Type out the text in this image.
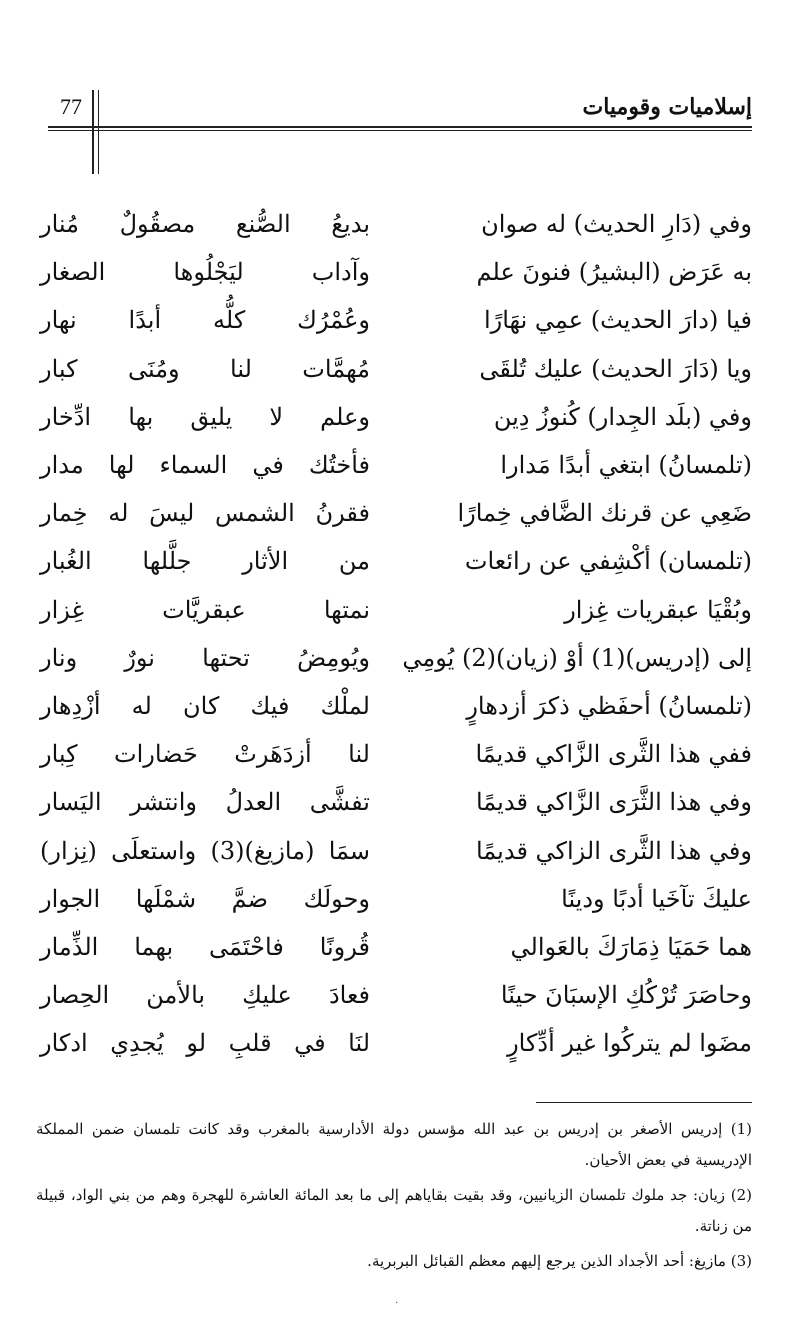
77	إسلاميات وقوميات
وفي (دَارِ الحديث) له صوان
بديعُ الصُّنع مصقُولٌ مُنار
به عَرَض (البشيرُ) فنونَ علم
وآداب ليَجْلُوها الصغار
فيا (دارَ الحديث) عمِي نهَارًا
وعُمْرُك كلُّه أبدًا نهار
ويا (دَارَ الحديث) عليك تُلقَى
مُهمَّات لنا ومُنَى كبار
وفي (بلَد الجِدار) كُنوزُ دِين
وعلم لا يليق بها ادِّخار
(تلمسانُ) ابتغي أبدًا مَدارا
فأختُك في السماء لها مدار
ضَعِي عن قرنك الضَّافي خِمارًا
فقرنُ الشمس ليسَ له خِمار
(تلمسان) أكْشِفي عن رائعات
من الأثار جلَّلها الغُبار
وبُقْيَا عبقريات غِزار
نمتها عبقريَّات غِزار
إلى (إدريس)(1) أوْ (زيان)(2) يُومِي
ويُومِضُ تحتها نورٌ ونار
(تلمسانُ) أحفَظي ذكرَ أزدهارٍ
لملْك فيك كان له أزْدِهار
ففي هذا الثَّرى الزَّاكي قديمًا
لنا أزدَهَرتْ حَضارات كِبار
وفي هذا الثَّرَى الزَّاكي قديمًا
تفشَّى العدلُ وانتشر اليَسار
وفي هذا الثَّرى الزاكي قديمًا
سمَا (مازيغ)(3) واستعلَى (نِزار)
عليكَ تآخَيا أدبًا ودينًا
وحولَك ضمَّ شمْلَها الجوار
هما حَمَيَا ذِمَارَكَ بالعَوالي
قُرونًا فاحْتَمَى بهما الذِّمار
وحاصَرَ تُرْكُكِ الإسبَانَ حينًا
فعادَ عليكِ بالأمن الحِصار
مضَوا لم يتركُوا غير أدِّكارٍ
لنَا في قلبِ لو يُجدِي ادكار

(1) إدريس الأصغر بن إدريس بن عبد الله مؤسس دولة الأدارسية بالمغرب وقد كانت تلمسان ضمن المملكة الإدريسية في بعض الأحيان.

(2) زيان: جد ملوك تلمسان الزيانيين، وقد بقيت بقاياهم إلى ما بعد المائة العاشرة للهجرة وهم من بني الواد، قبيلة من زناتة.

(3) مازيغ: أحد الأجداد الذين يرجع إليهم معظم القبائل البربرية.

·
